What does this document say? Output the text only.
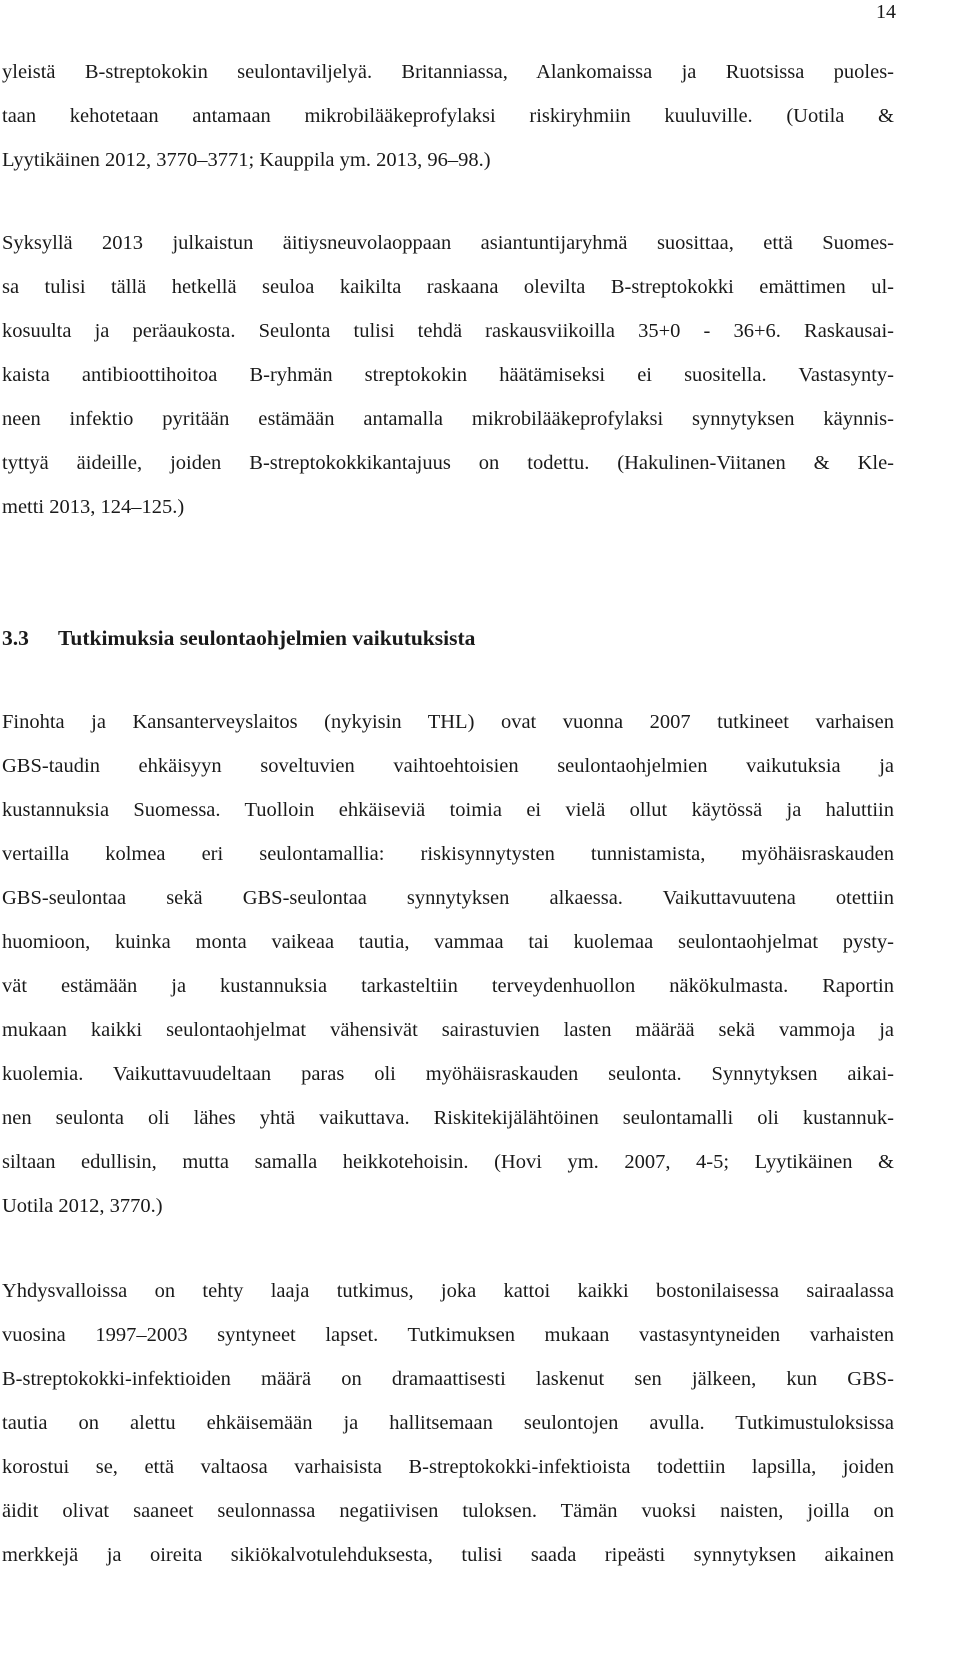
14
yleistä B-streptokokin seulontaviljelyä. Britanniassa, Alankomaissa ja Ruotsissa puoles-
taan kehotetaan antamaan mikrobilääkeprofylaksi riskiryhmiin kuuluville. (Uotila &
Lyytikäinen 2012, 3770–3771; Kauppila ym. 2013, 96–98.)
Syksyllä 2013 julkaistun äitiysneuvolaoppaan asiantuntijaryhmä suosittaa, että Suomes-
sa tulisi tällä hetkellä seuloa kaikilta raskaana olevilta B-streptokokki emättimen ul-
kosuulta ja peräaukosta. Seulonta tulisi tehdä raskausviikoilla 35+0 - 36+6. Raskausai-
kaista antibioottihoitoa B-ryhmän streptokokin häätämiseksi ei suositella. Vastasynty-
neen infektio pyritään estämään antamalla mikrobilääkeprofylaksi synnytyksen käynnis-
tyttyä äideille, joiden B-streptokokkikantajuus on todettu. (Hakulinen-Viitanen & Kle-
metti 2013, 124–125.)
3.3 Tutkimuksia seulontaohjelmien vaikutuksista
Finohta ja Kansanterveyslaitos (nykyisin THL) ovat vuonna 2007 tutkineet varhaisen
GBS-taudin ehkäisyyn soveltuvien vaihtoehtoisien seulontaohjelmien vaikutuksia ja
kustannuksia Suomessa. Tuolloin ehkäiseviä toimia ei vielä ollut käytössä ja haluttiin
vertailla kolmea eri seulontamallia: riskisynnytysten tunnistamista, myöhäisraskauden
GBS-seulontaa sekä GBS-seulontaa synnytyksen alkaessa. Vaikuttavuutena otettiin
huomioon, kuinka monta vaikeaa tautia, vammaa tai kuolemaa seulontaohjelmat pysty-
vät estämään ja kustannuksia tarkasteltiin terveydenhuollon näkökulmasta. Raportin
mukaan kaikki seulontaohjelmat vähensivät sairastuvien lasten määrää sekä vammoja ja
kuolemia. Vaikuttavuudeltaan paras oli myöhäisraskauden seulonta. Synnytyksen aikai-
nen seulonta oli lähes yhtä vaikuttava. Riskitekijälähtöinen seulontamalli oli kustannuk-
siltaan edullisin, mutta samalla heikkotehoisin. (Hovi ym. 2007, 4-5; Lyytikäinen &
Uotila 2012, 3770.)
Yhdysvalloissa on tehty laaja tutkimus, joka kattoi kaikki bostonilaisessa sairaalassa
vuosina 1997–2003 syntyneet lapset. Tutkimuksen mukaan vastasyntyneiden varhaisten
B-streptokokki-infektioiden määrä on dramaattisesti laskenut sen jälkeen, kun GBS-
tautia on alettu ehkäisemään ja hallitsemaan seulontojen avulla. Tutkimustuloksissa
korostui se, että valtaosa varhaisista B-streptokokki-infektioista todettiin lapsilla, joiden
äidit olivat saaneet seulonnassa negatiivisen tuloksen. Tämän vuoksi naisten, joilla on
merkkejä ja oireita sikiökalvotulehduksesta, tulisi saada ripeästi synnytyksen aikainen
